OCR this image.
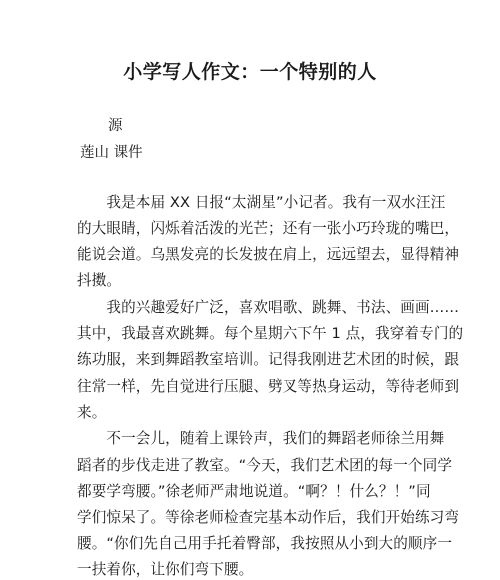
小学写人作文：一个特别的人
源
莲山 课件
　　我是本届 XX 日报“太湖星”小记者。我有一双水汪汪
的大眼睛，闪烁着活泼的光芒；还有一张小巧玲珑的嘴巴，
能说会道。乌黑发亮的长发披在肩上，远远望去，显得精神
抖擞。
　　我的兴趣爱好广泛，喜欢唱歌、跳舞、书法、画画……
其中，我最喜欢跳舞。每个星期六下午 1 点，我穿着专门的
练功服，来到舞蹈教室培训。记得我刚进艺术团的时候，跟
往常一样，先自觉进行压腿、劈叉等热身运动，等待老师到
来。
　　不一会儿，随着上课铃声，我们的舞蹈老师徐兰用舞
蹈者的步伐走进了教室。“今天，我们艺术团的每一个同学
都要学弯腰。”徐老师严肃地说道。“啊？！什么？！”同
学们惊呆了。等徐老师检查完基本动作后，我们开始练习弯
腰。“你们先自己用手托着臀部，我按照从小到大的顺序一
一扶着你，让你们弯下腰。
